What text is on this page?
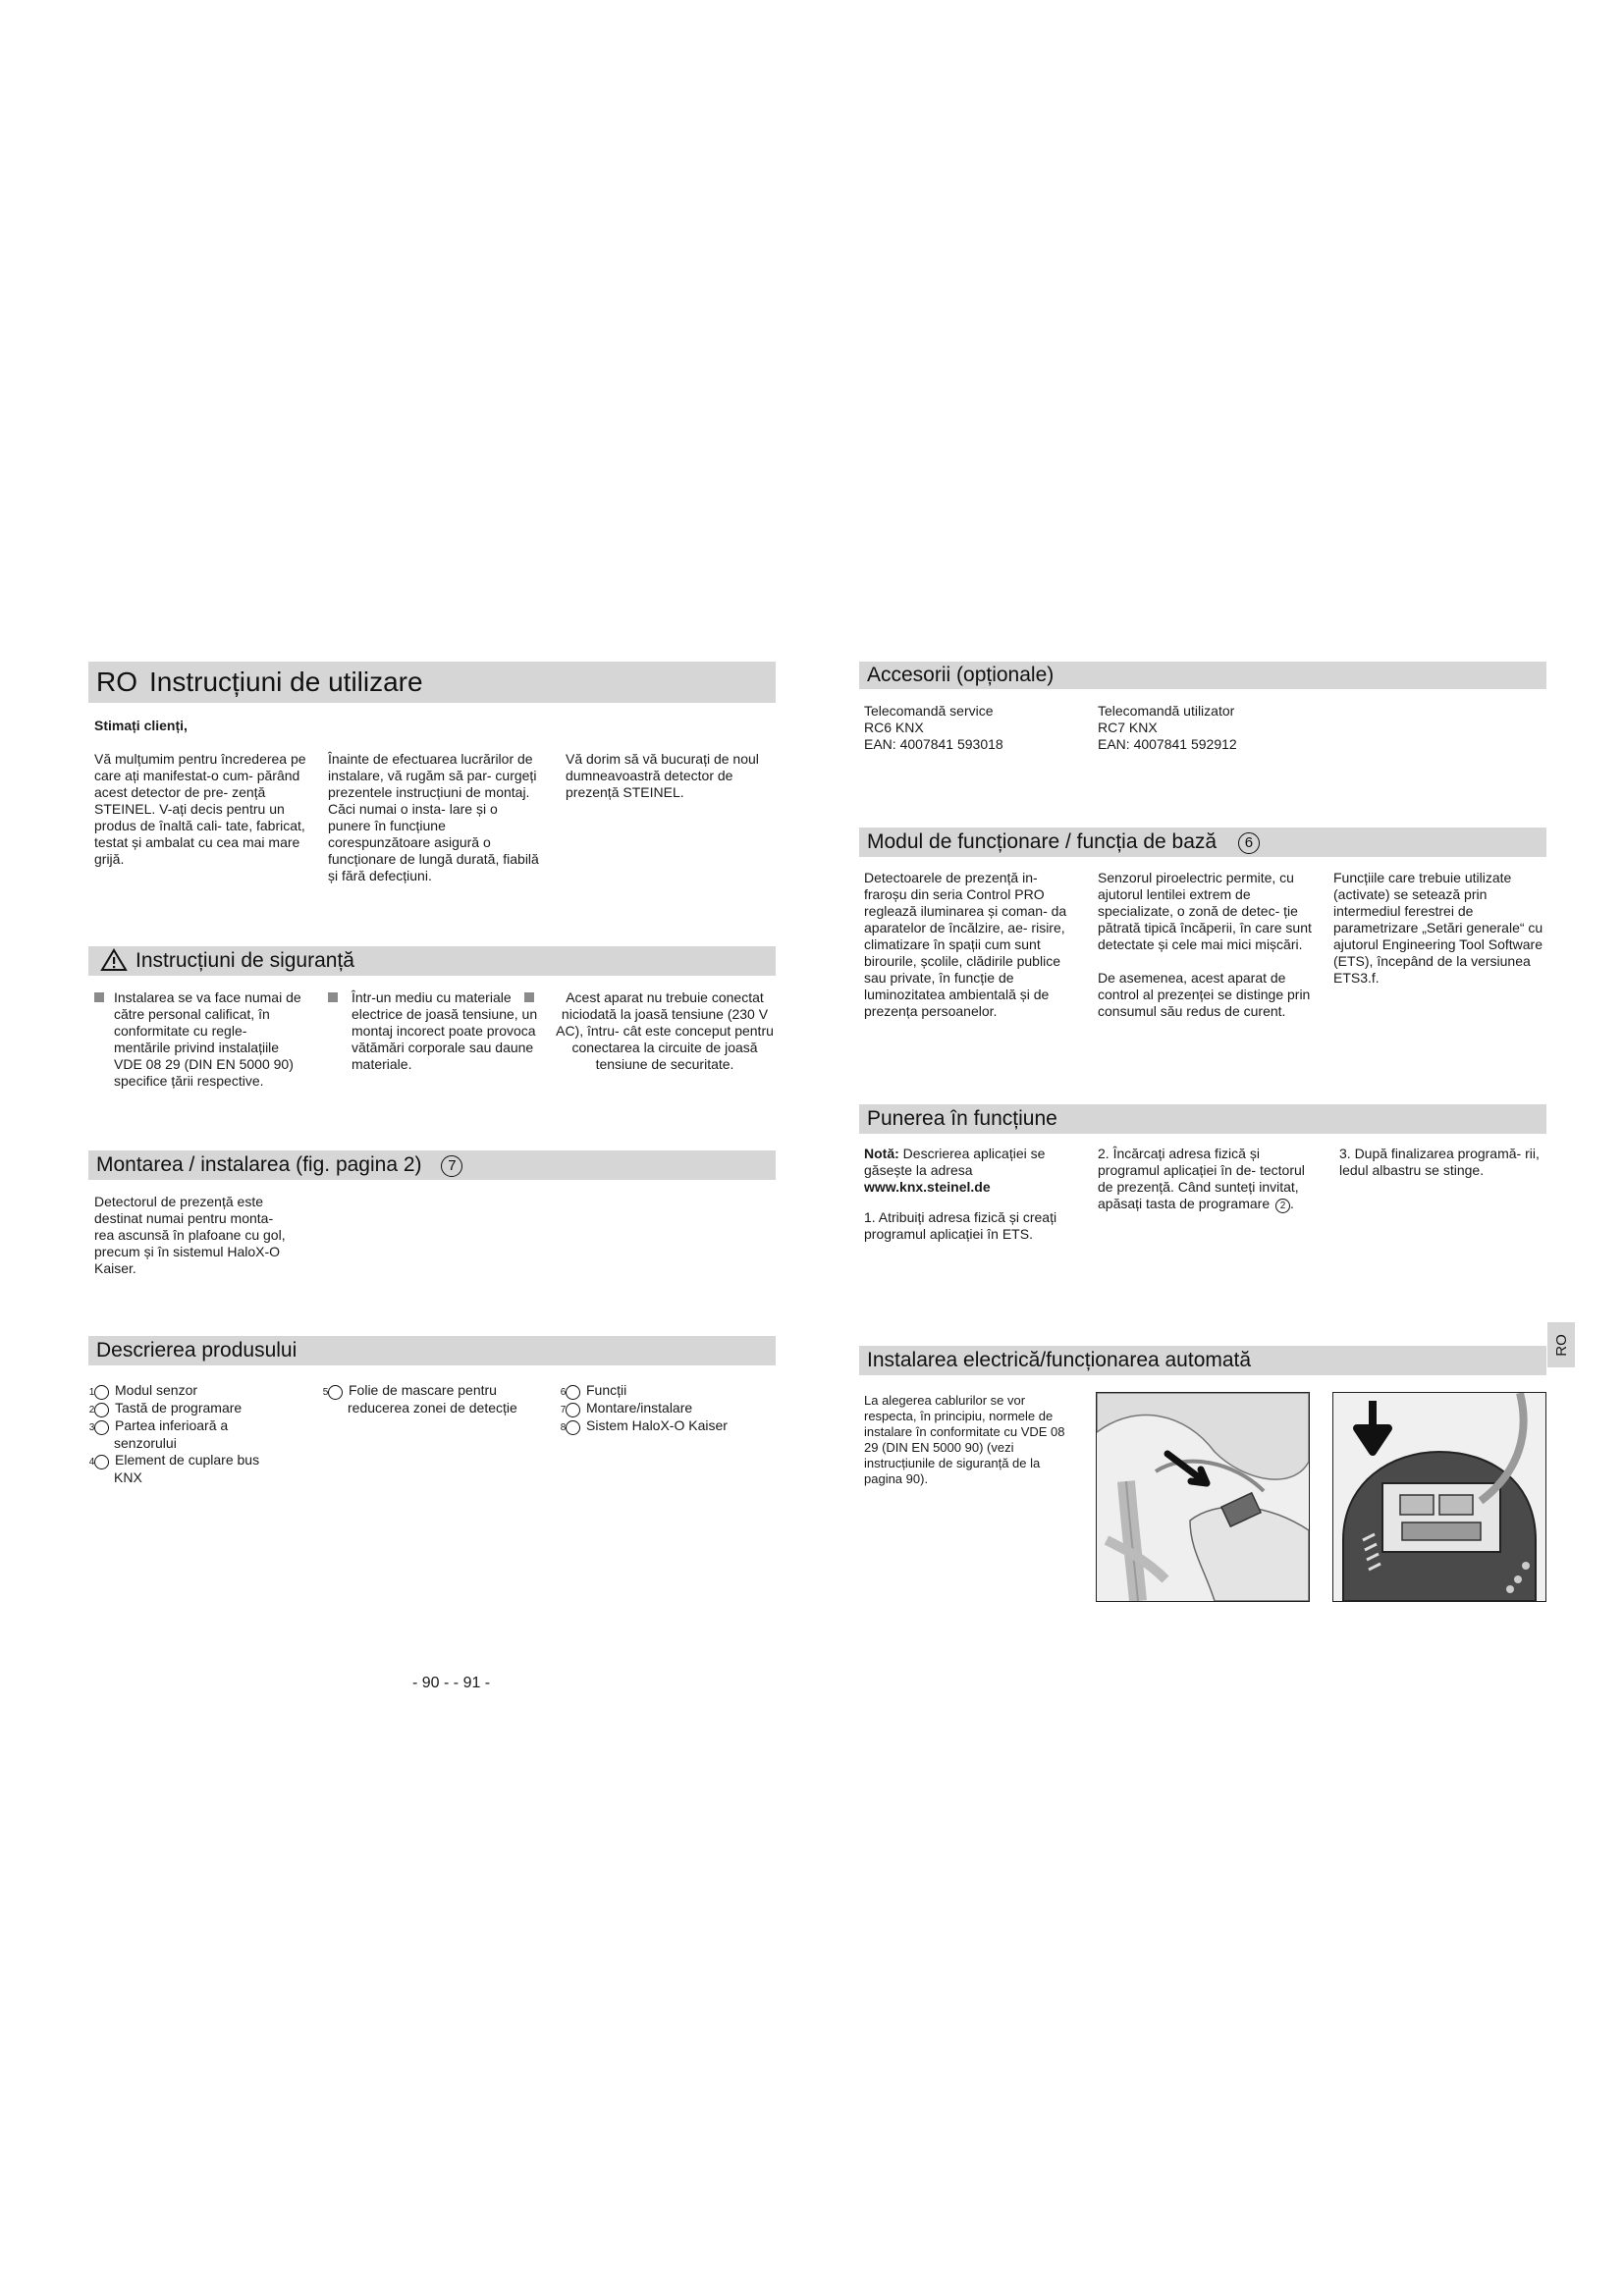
RO Instrucțiuni de utilizare
Stimați clienți,
Vă mulțumim pentru încrederea pe care ați manifestat-o cum- părând acest detector de pre- zență STEINEL. V-ați decis pentru un produs de înaltă cali- tate, fabricat, testat și ambalat cu cea mai mare grijă.
Înainte de efectuarea lucrărilor de instalare, vă rugăm să par- curgeți prezentele instrucțiuni de montaj. Căci numai o insta- lare și o punere în funcțiune corespunzătoare asigură o funcționare de lungă durată, fiabilă și fără defecțiuni.
Vă dorim să vă bucurați de noul dumneavoastră detector de prezență STEINEL.
Instrucțiuni de siguranță
Instalarea se va face numai de către personal calificat, în conformitate cu regle- mentările privind instalațiile VDE 08 29 (DIN EN 5000 90) specifice țării respective.
Într-un mediu cu materiale electrice de joasă tensiune, un montaj incorect poate provoca vătămări corporale sau daune materiale.
Acest aparat nu trebuie conectat niciodată la joasă tensiune (230 V AC), întru- cât este conceput pentru conectarea la circuite de joasă tensiune de securitate.
Montarea / instalarea (fig. pagina 2) 7
Detectorul de prezență este destinat numai pentru monta- rea ascunsă în plafoane cu gol, precum și în sistemul HaloX-O Kaiser.
Descrierea produsului

1 Modul senzor

2 Tastă de programare

3 Partea inferioară a senzorului

4 Element de cuplare bus KNX

5 Folie de mascare pentru reducerea zonei de detecție

6 Funcții

7 Montare/instalare

8 Sistem HaloX-O Kaiser

- 90 - - 91 -
Accesorii (opționale)

Telecomandă service

RC6 KNX

EAN: 4007841 593018

Telecomandă utilizator

RC7 KNX

EAN: 4007841 592912

Modul de funcționare / funcția de bază 6
Detectoarele de prezență in- fraroșu din seria Control PRO reglează iluminarea și coman- da aparatelor de încălzire, ae- risire, climatizare în spații cum sunt birourile, școlile, clădirile publice sau private, în funcție de luminozitatea ambientală și de prezența persoanelor.

Senzorul piroelectric permite, cu ajutorul lentilei extrem de specializate, o zonă de detec- ție pătrată tipică încăperii, în care sunt detectate și cele mai mici mișcări.

De asemenea, acest aparat de control al prezenței se distinge prin consumul său redus de curent.

Funcțiile care trebuie utilizate (activate) se setează prin intermediul ferestrei de parametrizare „Setări generale“ cu ajutorul Engineering Tool Software (ETS), începând de la versiunea ETS3.f.
Punerea în funcțiune

Notă: Descrierea aplicației se găsește la adresa

www.knx.steinel.de

1. Atribuiți adresa fizică și creați programul aplicației în ETS.

2. Încărcați adresa fizică și programul aplicației în de- tectorul de prezență. Când sunteți invitat, apăsați tasta de programare 2 .
3. După finalizarea programă- rii, ledul albastru se stinge.
Instalarea electrică/funcționarea automată
La alegerea cablurilor se vor respecta, în principiu, normele de instalare în conformitate cu VDE 08 29 (DIN EN 5000 90) (vezi instrucțiunile de siguranță de la pagina 90).
RO
